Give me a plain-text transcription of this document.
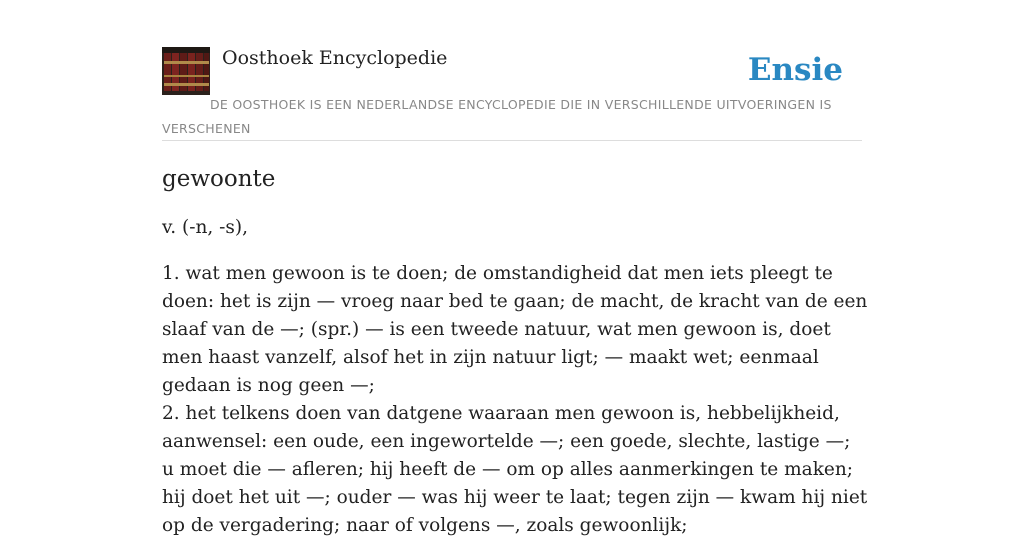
Oosthoek Encyclopedie	Ensie
DE OOSTHOEK IS EEN NEDERLANDSE ENCYCLOPEDIE DIE IN VERSCHILLENDE UITVOERINGEN IS VERSCHENEN
gewoonte

v. (-n, -s),

1. wat men gewoon is te doen; de omstandigheid dat men iets pleegt te doen: het is zijn — vroeg naar bed te gaan; de macht, de kracht van de een slaaf van de —; (spr.) — is een tweede natuur, wat men gewoon is, doet men haast vanzelf, alsof het in zijn natuur ligt; — maakt wet; eenmaal gedaan is nog geen —;
2. het telkens doen van datgene waaraan men gewoon is, hebbelijkheid, aanwensel: een oude, een ingewortelde —; een goede, slechte, lastige —; u moet die — afleren; hij heeft de — om op alles aanmerkingen te maken; hij doet het uit —; ouder — was hij weer te laat; tegen zijn — kwam hij niet op de vergadering; naar of volgens —, zoals gewoonlijk;
